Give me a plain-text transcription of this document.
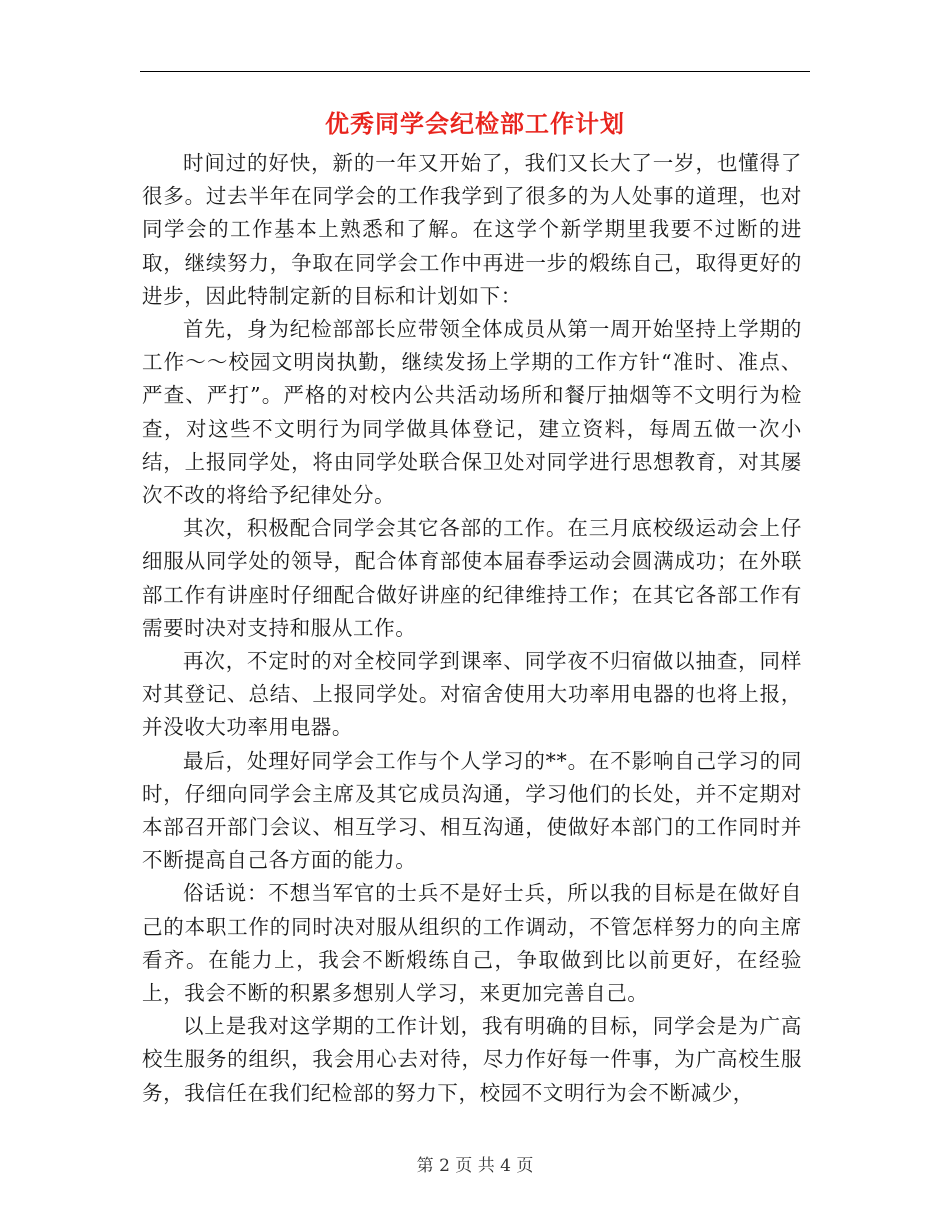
优秀同学会纪检部工作计划

时间过的好快，新的一年又开始了，我们又长大了一岁，也懂得了很多。过去半年在同学会的工作我学到了很多的为人处事的道理，也对同学会的工作基本上熟悉和了解。在这学个新学期里我要不过断的进取，继续努力，争取在同学会工作中再进一步的煅练自己，取得更好的进步，因此特制定新的目标和计划如下：

首先，身为纪检部部长应带领全体成员从第一周开始坚持上学期的工作～～校园文明岗执勤，继续发扬上学期的工作方针“准时、准点、严查、严打”。严格的对校内公共活动场所和餐厅抽烟等不文明行为检查，对这些不文明行为同学做具体登记，建立资料，每周五做一次小结，上报同学处，将由同学处联合保卫处对同学进行思想教育，对其屡次不改的将给予纪律处分。

其次，积极配合同学会其它各部的工作。在三月底校级运动会上仔细服从同学处的领导，配合体育部使本届春季运动会圆满成功；在外联部工作有讲座时仔细配合做好讲座的纪律维持工作；在其它各部工作有需要时决对支持和服从工作。

再次，不定时的对全校同学到课率、同学夜不归宿做以抽查，同样对其登记、总结、上报同学处。对宿舍使用大功率用电器的也将上报，并没收大功率用电器。

最后，处理好同学会工作与个人学习的**。在不影响自己学习的同时，仔细向同学会主席及其它成员沟通，学习他们的长处，并不定期对本部召开部门会议、相互学习、相互沟通，使做好本部门的工作同时并不断提高自己各方面的能力。

俗话说：不想当军官的士兵不是好士兵，所以我的目标是在做好自己的本职工作的同时决对服从组织的工作调动，不管怎样努力的向主席看齐。在能力上，我会不断煅练自己，争取做到比以前更好，在经验上，我会不断的积累多想别人学习，来更加完善自己。

以上是我对这学期的工作计划，我有明确的目标，同学会是为广高校生服务的组织，我会用心去对待，尽力作好每一件事，为广高校生服务，我信任在我们纪检部的努力下，校园不文明行为会不断减少，

第 2 页 共 4 页
